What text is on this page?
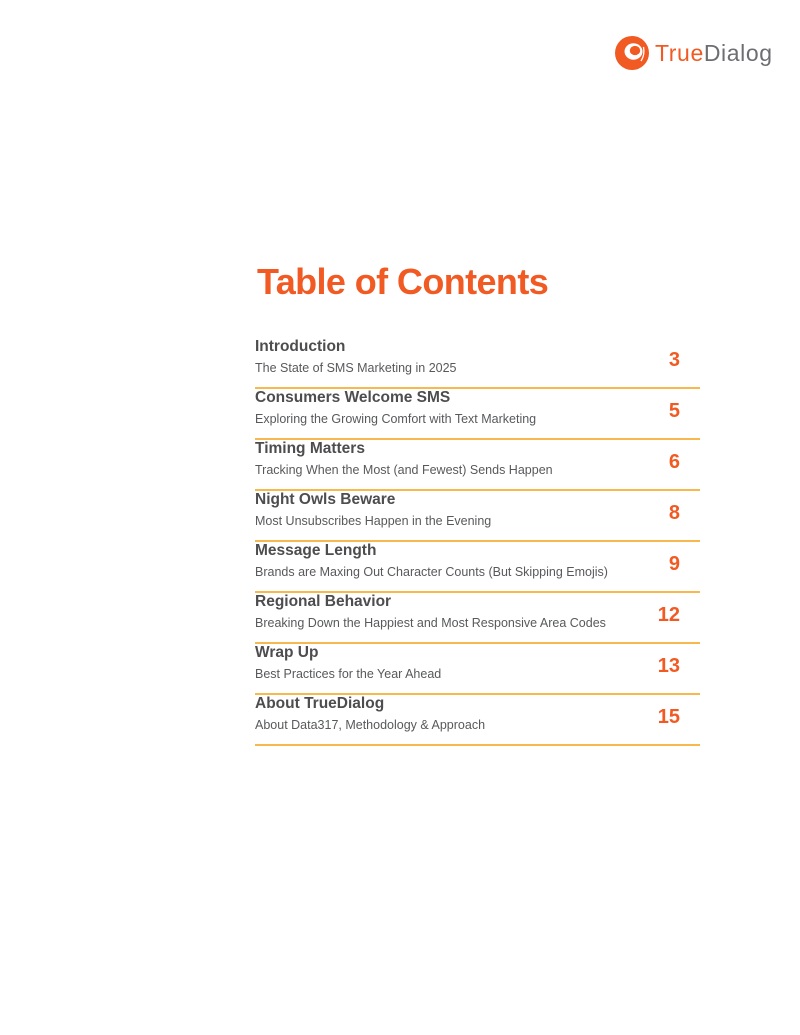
TrueDialog
Table of Contents
Introduction
The State of SMS Marketing in 2025	3
Consumers Welcome SMS
Exploring the Growing Comfort with Text Marketing	5
Timing Matters
Tracking When the Most (and Fewest) Sends Happen	6
Night Owls Beware
Most Unsubscribes Happen in the Evening	8
Message Length
Brands are Maxing Out Character Counts (But Skipping Emojis)	9
Regional Behavior
Breaking Down the Happiest and Most Responsive Area Codes	12
Wrap Up
Best Practices for the Year Ahead	13
About TrueDialog
About Data317, Methodology & Approach	15
